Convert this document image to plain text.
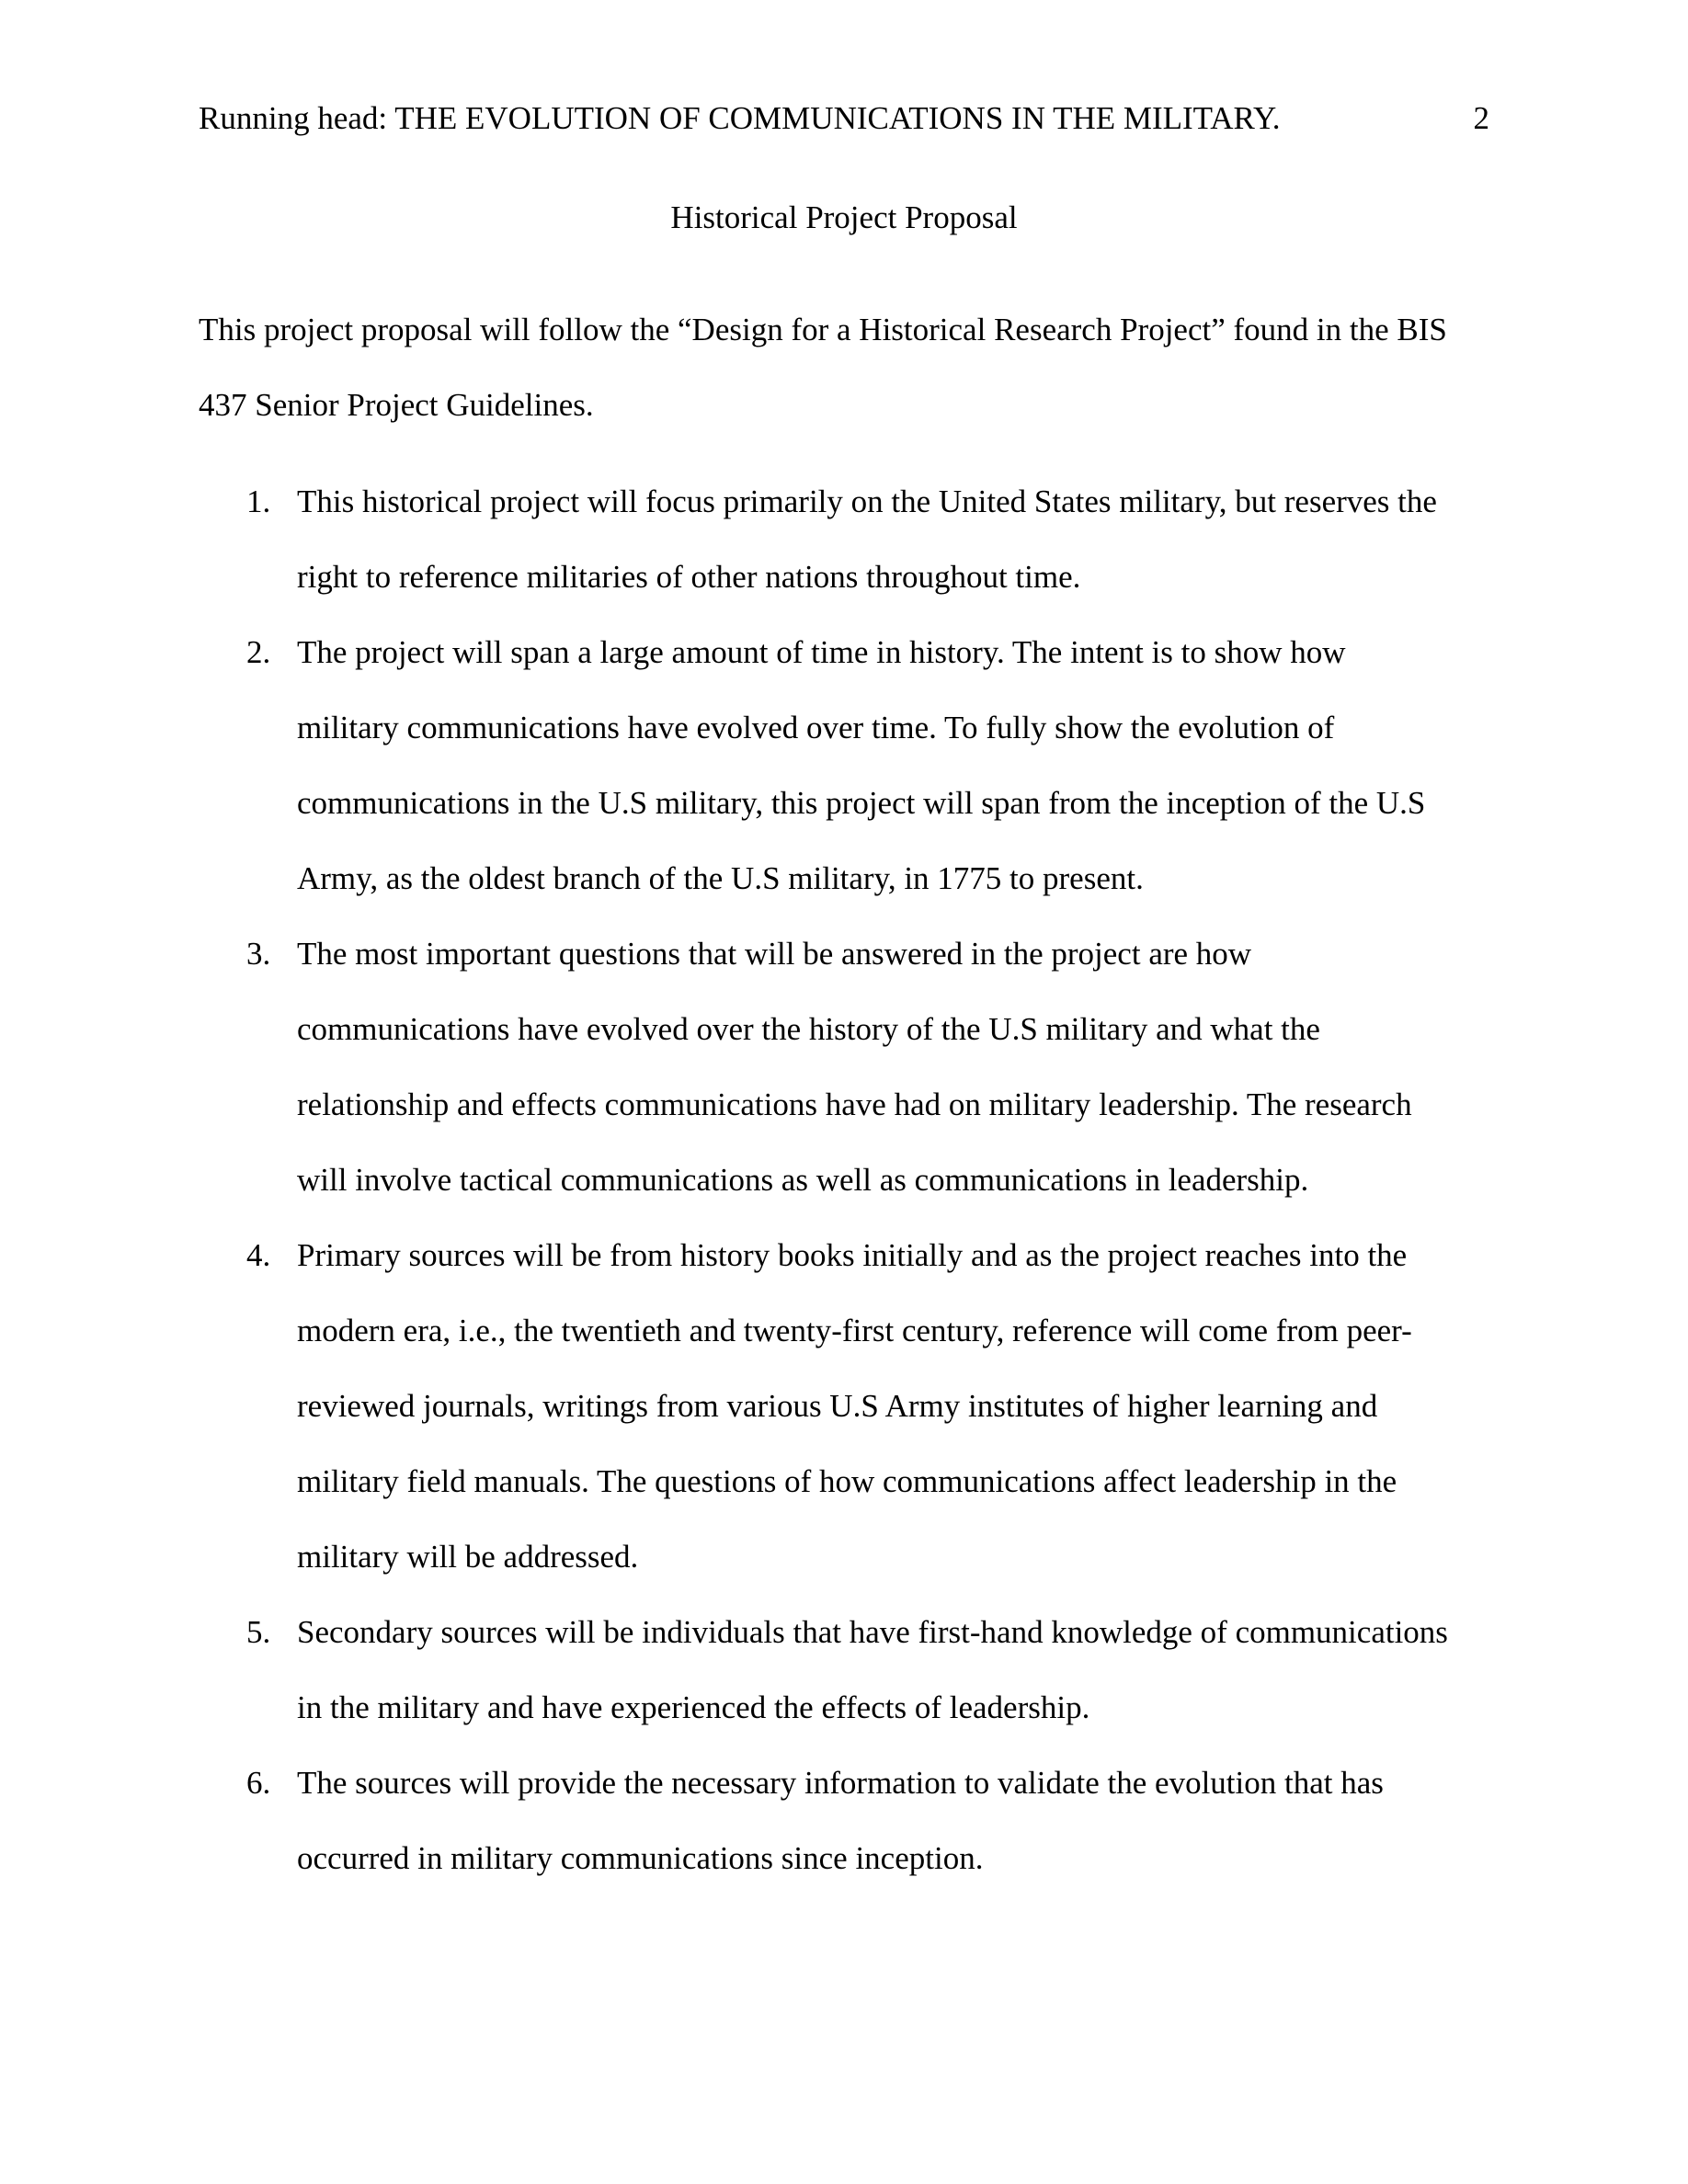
Running head: THE EVOLUTION OF COMMUNICATIONS IN THE MILITARY.	2
Historical Project Proposal

This project proposal will follow the “Design for a Historical Research Project” found in the BIS
437 Senior Project Guidelines.

1. This historical project will focus primarily on the United States military, but reserves the
right to reference militaries of other nations throughout time.
2. The project will span a large amount of time in history. The intent is to show how
military communications have evolved over time. To fully show the evolution of
communications in the U.S military, this project will span from the inception of the U.S
Army, as the oldest branch of the U.S military, in 1775 to present.
3. The most important questions that will be answered in the project are how
communications have evolved over the history of the U.S military and what the
relationship and effects communications have had on military leadership. The research
will involve tactical communications as well as communications in leadership.
4. Primary sources will be from history books initially and as the project reaches into the
modern era, i.e., the twentieth and twenty-first century, reference will come from peer-
reviewed journals, writings from various U.S Army institutes of higher learning and
military field manuals. The questions of how communications affect leadership in the
military will be addressed.
5. Secondary sources will be individuals that have first-hand knowledge of communications
in the military and have experienced the effects of leadership.
6. The sources will provide the necessary information to validate the evolution that has
occurred in military communications since inception.
